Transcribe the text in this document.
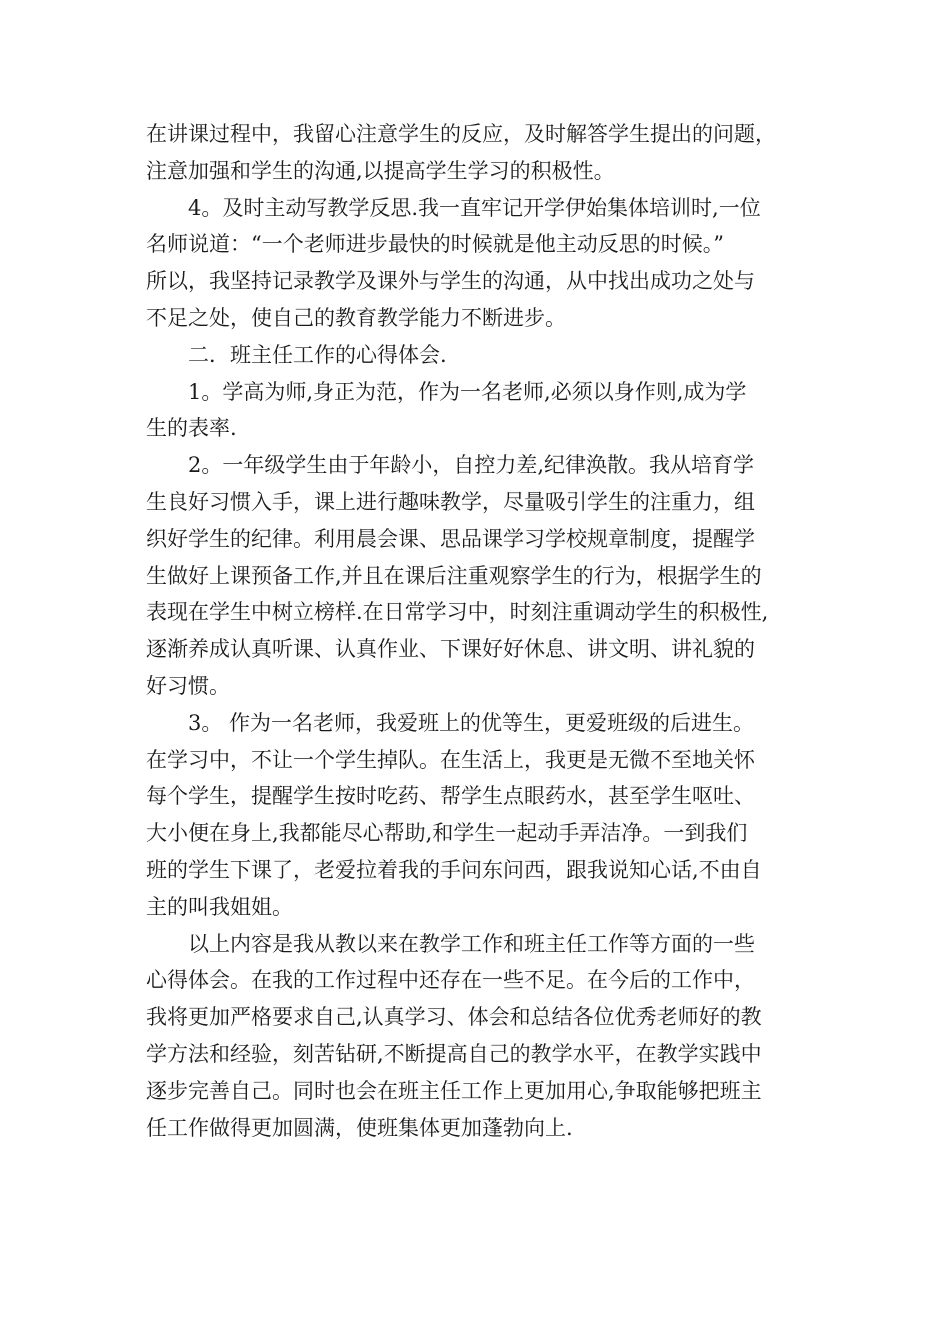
在讲课过程中，我留心注意学生的反应，及时解答学生提出的问题，
注意加强和学生的沟通,以提高学生学习的积极性。
4。及时主动写教学反思.我一直牢记开学伊始集体培训时,一位
名师说道：“一个老师进步最快的时候就是他主动反思的时候。”
所以，我坚持记录教学及课外与学生的沟通，从中找出成功之处与
不足之处，使自己的教育教学能力不断进步。
二．班主任工作的心得体会.
1。学高为师,身正为范，作为一名老师,必须以身作则,成为学
生的表率.
2。一年级学生由于年龄小，自控力差,纪律涣散。我从培育学
生良好习惯入手，课上进行趣味教学，尽量吸引学生的注重力，组
织好学生的纪律。利用晨会课、思品课学习学校规章制度，提醒学
生做好上课预备工作,并且在课后注重观察学生的行为，根据学生的
表现在学生中树立榜样.在日常学习中，时刻注重调动学生的积极性,
逐渐养成认真听课、认真作业、下课好好休息、讲文明、讲礼貌的
好习惯。
3。 作为一名老师，我爱班上的优等生，更爱班级的后进生。
在学习中，不让一个学生掉队。在生活上，我更是无微不至地关怀
每个学生，提醒学生按时吃药、帮学生点眼药水，甚至学生呕吐、
大小便在身上,我都能尽心帮助,和学生一起动手弄洁净。一到我们
班的学生下课了，老爱拉着我的手问东问西，跟我说知心话,不由自
主的叫我姐姐。
以上内容是我从教以来在教学工作和班主任工作等方面的一些
心得体会。在我的工作过程中还存在一些不足。在今后的工作中，
我将更加严格要求自己,认真学习、体会和总结各位优秀老师好的教
学方法和经验，刻苦钻研,不断提高自己的教学水平，在教学实践中
逐步完善自己。同时也会在班主任工作上更加用心,争取能够把班主
任工作做得更加圆满，使班集体更加蓬勃向上.
